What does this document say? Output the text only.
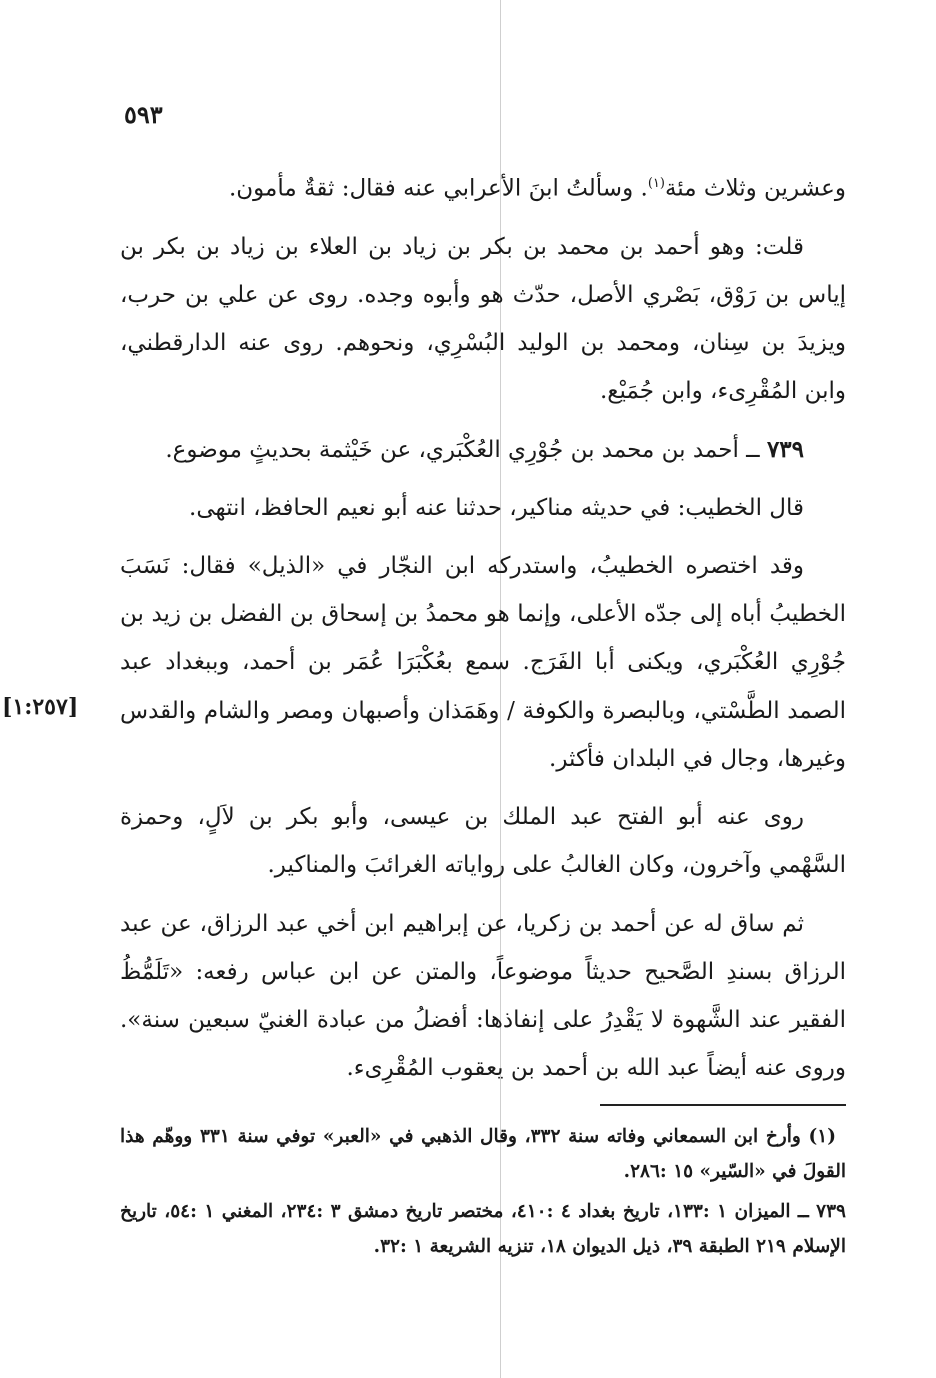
٥٩٣
[١:٢٥٧]

وعشرين وثلاث مئة$^{(١)}$. وسألتُ ابنَ الأعرابي عنه فقال: ثقةٌ مأمون.

قلت: وهو أحمد بن محمد بن بكر بن زياد بن العلاء بن زياد بن بكر بن إياس بن رَوْق، بَصْري الأصل، حدّث هو وأبوه وجده. روى عن علي بن حرب، ويزيدَ بن سِنان، ومحمد بن الوليد البُسْرِي، ونحوهم. روى عنه الدارقطني، وابن المُقْرِىء، وابن جُمَيْع.

٧٣٩ ــ أحمد بن محمد بن جُوْرِي العُكْبَري، عن خَيْثمة بحديثٍ موضوع.

قال الخطيب: في حديثه مناكير، حدثنا عنه أبو نعيم الحافظ، انتهى.

وقد اختصره الخطيبُ، واستدركه ابن النجّار في «الذيل» فقال: نَسَبَ الخطيبُ أباه إلى جدّه الأعلى، وإنما هو محمدُ بن إسحاق بن الفضل بن زيد بن جُوْرِي العُكْبَري، ويكنى أبا الفَرَج. سمع بعُكْبَرَا عُمَر بن أحمد، وببغداد عبد الصمد الطَّسْتي، وبالبصرة والكوفة / وهَمَذان وأصبهان ومصر والشام والقدس وغيرها، وجال في البلدان فأكثر.

روى عنه أبو الفتح عبد الملك بن عيسى، وأبو بكر بن لاَلٍ، وحمزة السَّهْمي وآخرون، وكان الغالبُ على رواياته الغرائبَ والمناكير.

ثم ساق له عن أحمد بن زكريا، عن إبراهيم ابن أخي عبد الرزاق، عن عبد الرزاق بسندِ الصَّحيح حديثاً موضوعاً، والمتن عن ابن عباس رفعه: «تَلَمُّظُ الفقير عند الشَّهوة لا يَقْدِرُ على إنفاذها: أفضلُ من عبادة الغنيّ سبعين سنة». وروى عنه أيضاً عبد الله بن أحمد بن يعقوب المُقْرِىء.

(١) وأرخ ابن السمعاني وفاته سنة ٣٣٢، وقال الذهبي في «العبر» توفي سنة ٣٣١ ووهّم هذا القولَ في «السّير» ١٥ :٢٨٦.

٧٣٩ ــ الميزان ١ :١٣٣، تاريخ بغداد ٤ :٤١٠، مختصر تاريخ دمشق ٣ :٢٣٤، المغني ١ :٥٤، تاريخ الإسلام ٢١٩ الطبقة ٣٩، ذيل الديوان ١٨، تنزيه الشريعة ١ :٣٢.
